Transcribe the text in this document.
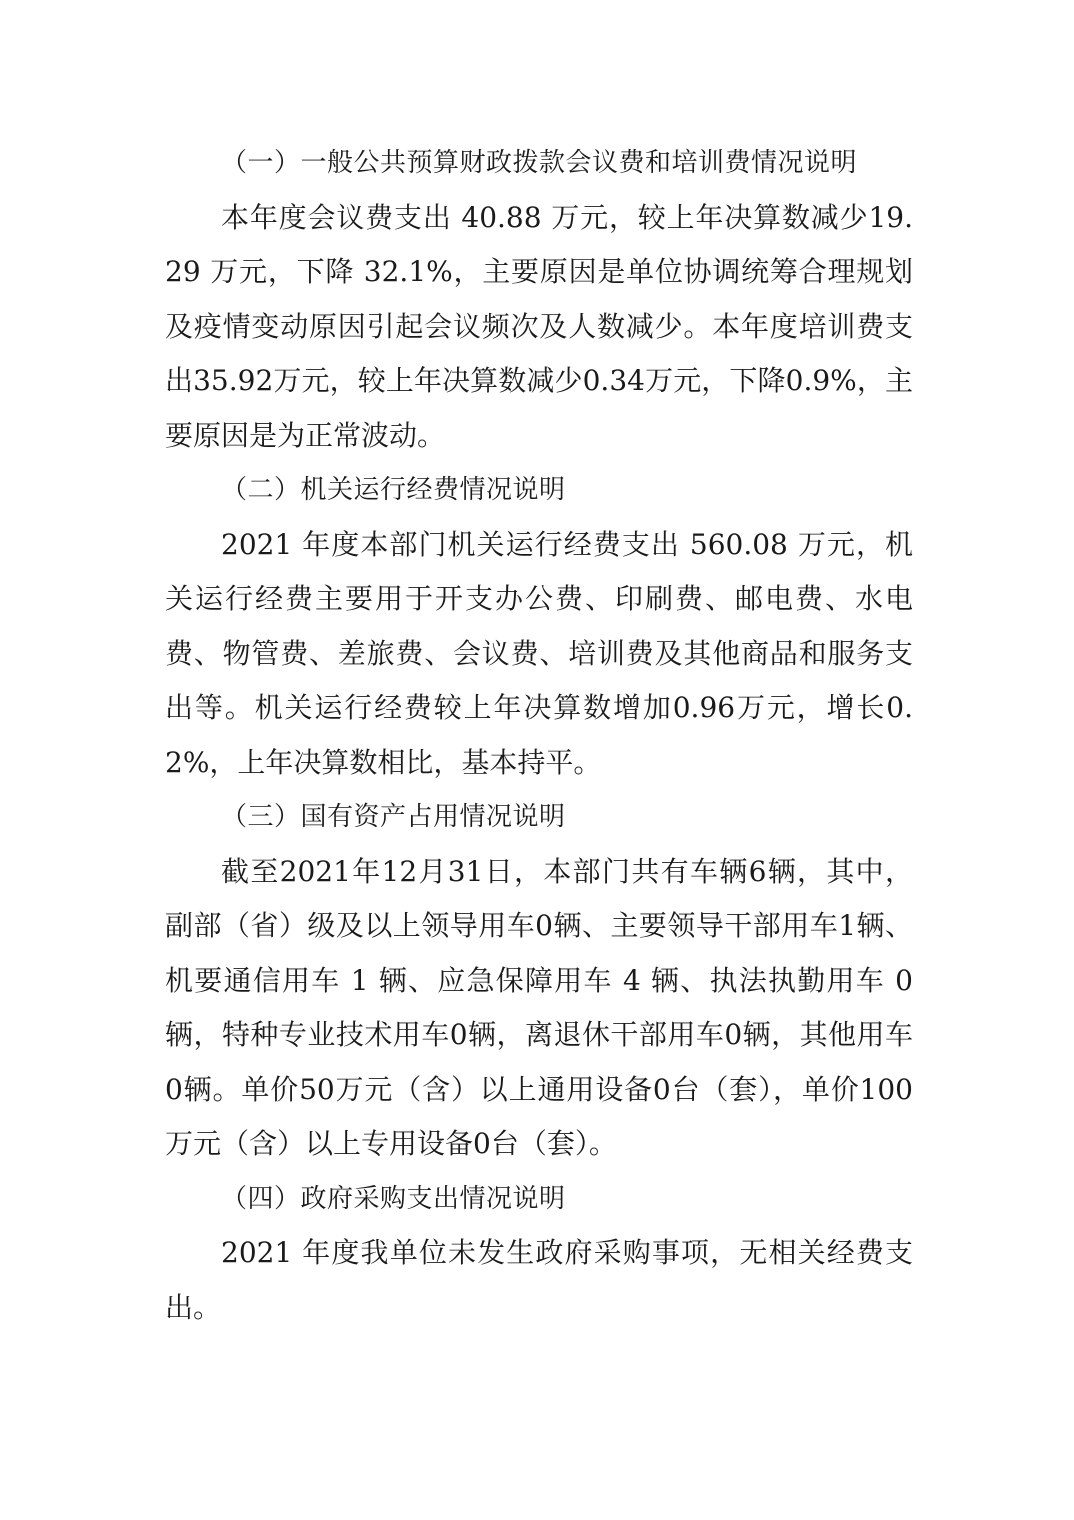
（一）一般公共预算财政拨款会议费和培训费情况说明

本年度会议费支出 40.88 万元，较上年决算数减少19.29 万元，下降 32.1%，主要原因是单位协调统筹合理规划及疫情变动原因引起会议频次及人数减少。本年度培训费支出35.92万元，较上年决算数减少0.34万元，下降0.9%，主要原因是为正常波动。

（二）机关运行经费情况说明

2021 年度本部门机关运行经费支出 560.08 万元，机关运行经费主要用于开支办公费、印刷费、邮电费、水电费、物管费、差旅费、会议费、培训费及其他商品和服务支出等。机关运行经费较上年决算数增加0.96万元，增长0.2%，上年决算数相比，基本持平。

（三）国有资产占用情况说明

截至2021年12月31日，本部门共有车辆6辆，其中，副部（省）级及以上领导用车0辆、主要领导干部用车1辆、机要通信用车 1 辆、应急保障用车 4 辆、执法执勤用车 0辆，特种专业技术用车0辆，离退休干部用车0辆，其他用车0辆。单价50万元（含）以上通用设备0台（套），单价100万元（含）以上专用设备0台（套）。

（四）政府采购支出情况说明

2021 年度我单位未发生政府采购事项，无相关经费支出。
